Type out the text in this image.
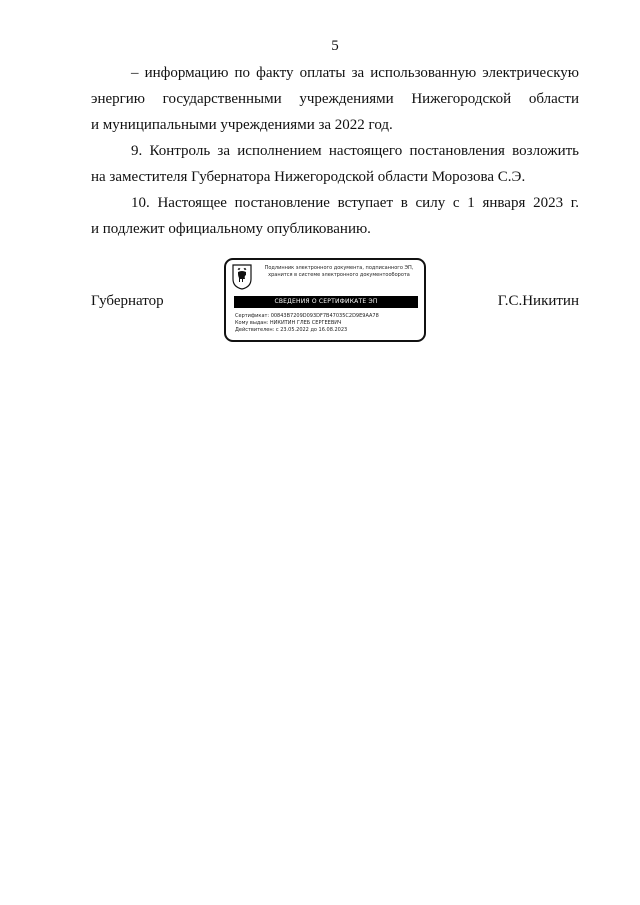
5

– информацию по факту оплаты за использованную электрическую
энергию государственными учреждениями Нижегородской области
и муниципальными учреждениями за 2022 год.

9. Контроль за исполнением настоящего постановления возложить
на заместителя Губернатора Нижегородской области Морозова С.Э.

10. Настоящее постановление вступает в силу с 1 января 2023 г.
и подлежит официальному опубликованию.

Губернатор
Подлинник электронного документа, подписанного ЭП,
хранится в системе электронного документооборота
СВЕДЕНИЯ О СЕРТИФИКАТЕ ЭП
Сертификат: 00843B7209D093DF7B47035C2D9E9AA78
Кому выдан: НИКИТИН ГЛЕБ СЕРГЕЕВИЧ
Действителен: с 23.05.2022 до 16.08.2023
Г.С.Никитин
